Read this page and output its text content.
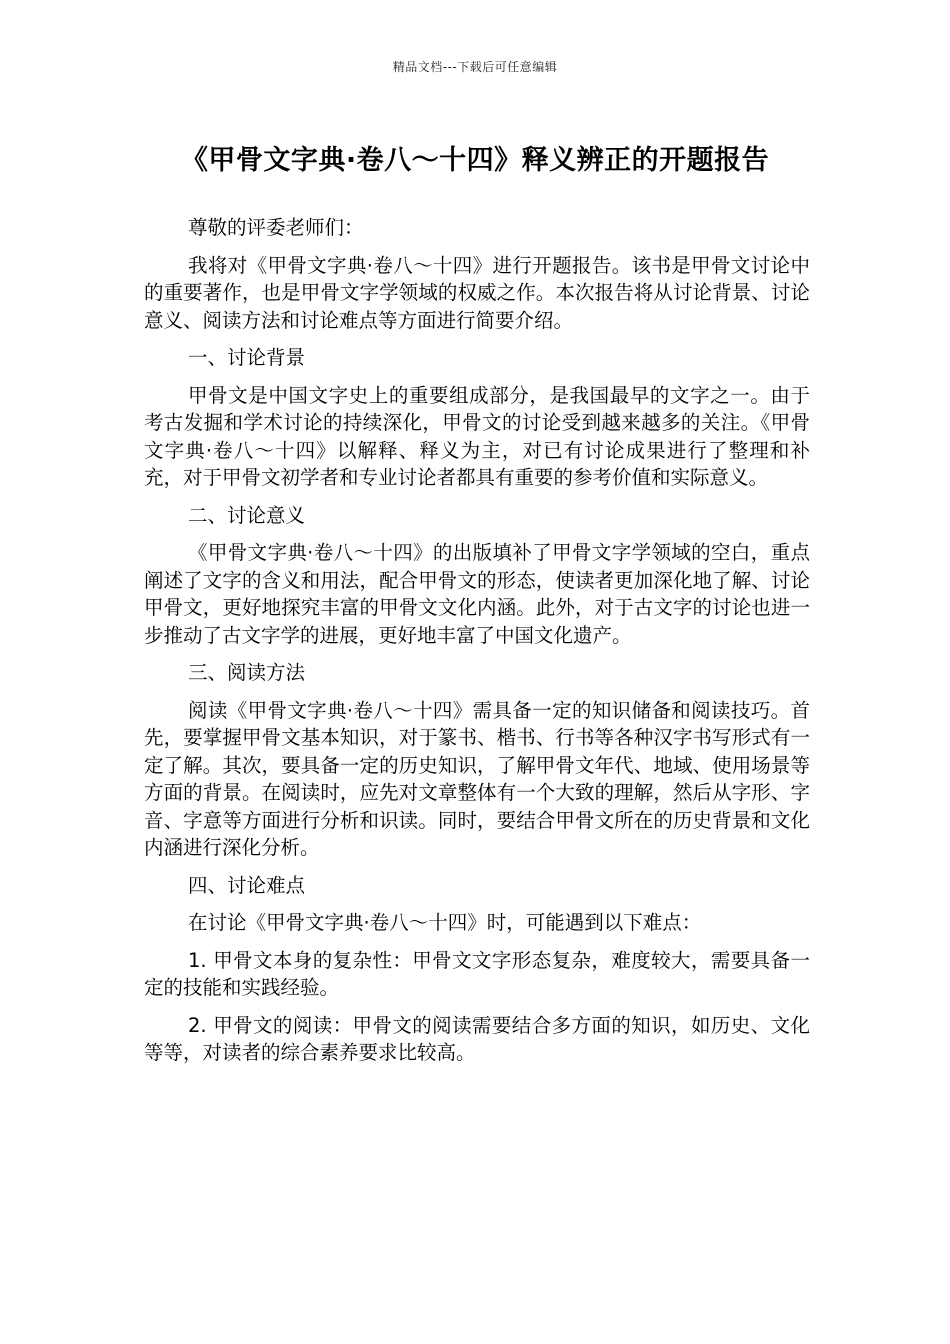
精品文档---下载后可任意编辑
《甲骨文字典·卷八～十四》释义辨正的开题报告

尊敬的评委老师们：

我将对《甲骨文字典·卷八～十四》进行开题报告。该书是甲骨文讨论中的重要著作，也是甲骨文字学领域的权威之作。本次报告将从讨论背景、讨论意义、阅读方法和讨论难点等方面进行简要介绍。

一、讨论背景

甲骨文是中国文字史上的重要组成部分，是我国最早的文字之一。由于考古发掘和学术讨论的持续深化，甲骨文的讨论受到越来越多的关注。《甲骨文字典·卷八～十四》以解释、释义为主，对已有讨论成果进行了整理和补充，对于甲骨文初学者和专业讨论者都具有重要的参考价值和实际意义。

二、讨论意义

《甲骨文字典·卷八～十四》的出版填补了甲骨文字学领域的空白，重点阐述了文字的含义和用法，配合甲骨文的形态，使读者更加深化地了解、讨论甲骨文，更好地探究丰富的甲骨文文化内涵。此外，对于古文字的讨论也进一步推动了古文字学的进展，更好地丰富了中国文化遗产。

三、阅读方法

阅读《甲骨文字典·卷八～十四》需具备一定的知识储备和阅读技巧。首先，要掌握甲骨文基本知识，对于篆书、楷书、行书等各种汉字书写形式有一定了解。其次，要具备一定的历史知识，了解甲骨文年代、地域、使用场景等方面的背景。在阅读时，应先对文章整体有一个大致的理解，然后从字形、字音、字意等方面进行分析和识读。同时，要结合甲骨文所在的历史背景和文化内涵进行深化分析。

四、讨论难点

在讨论《甲骨文字典·卷八～十四》时，可能遇到以下难点：

1. 甲骨文本身的复杂性：甲骨文文字形态复杂，难度较大，需要具备一定的技能和实践经验。

2. 甲骨文的阅读：甲骨文的阅读需要结合多方面的知识，如历史、文化等等，对读者的综合素养要求比较高。
